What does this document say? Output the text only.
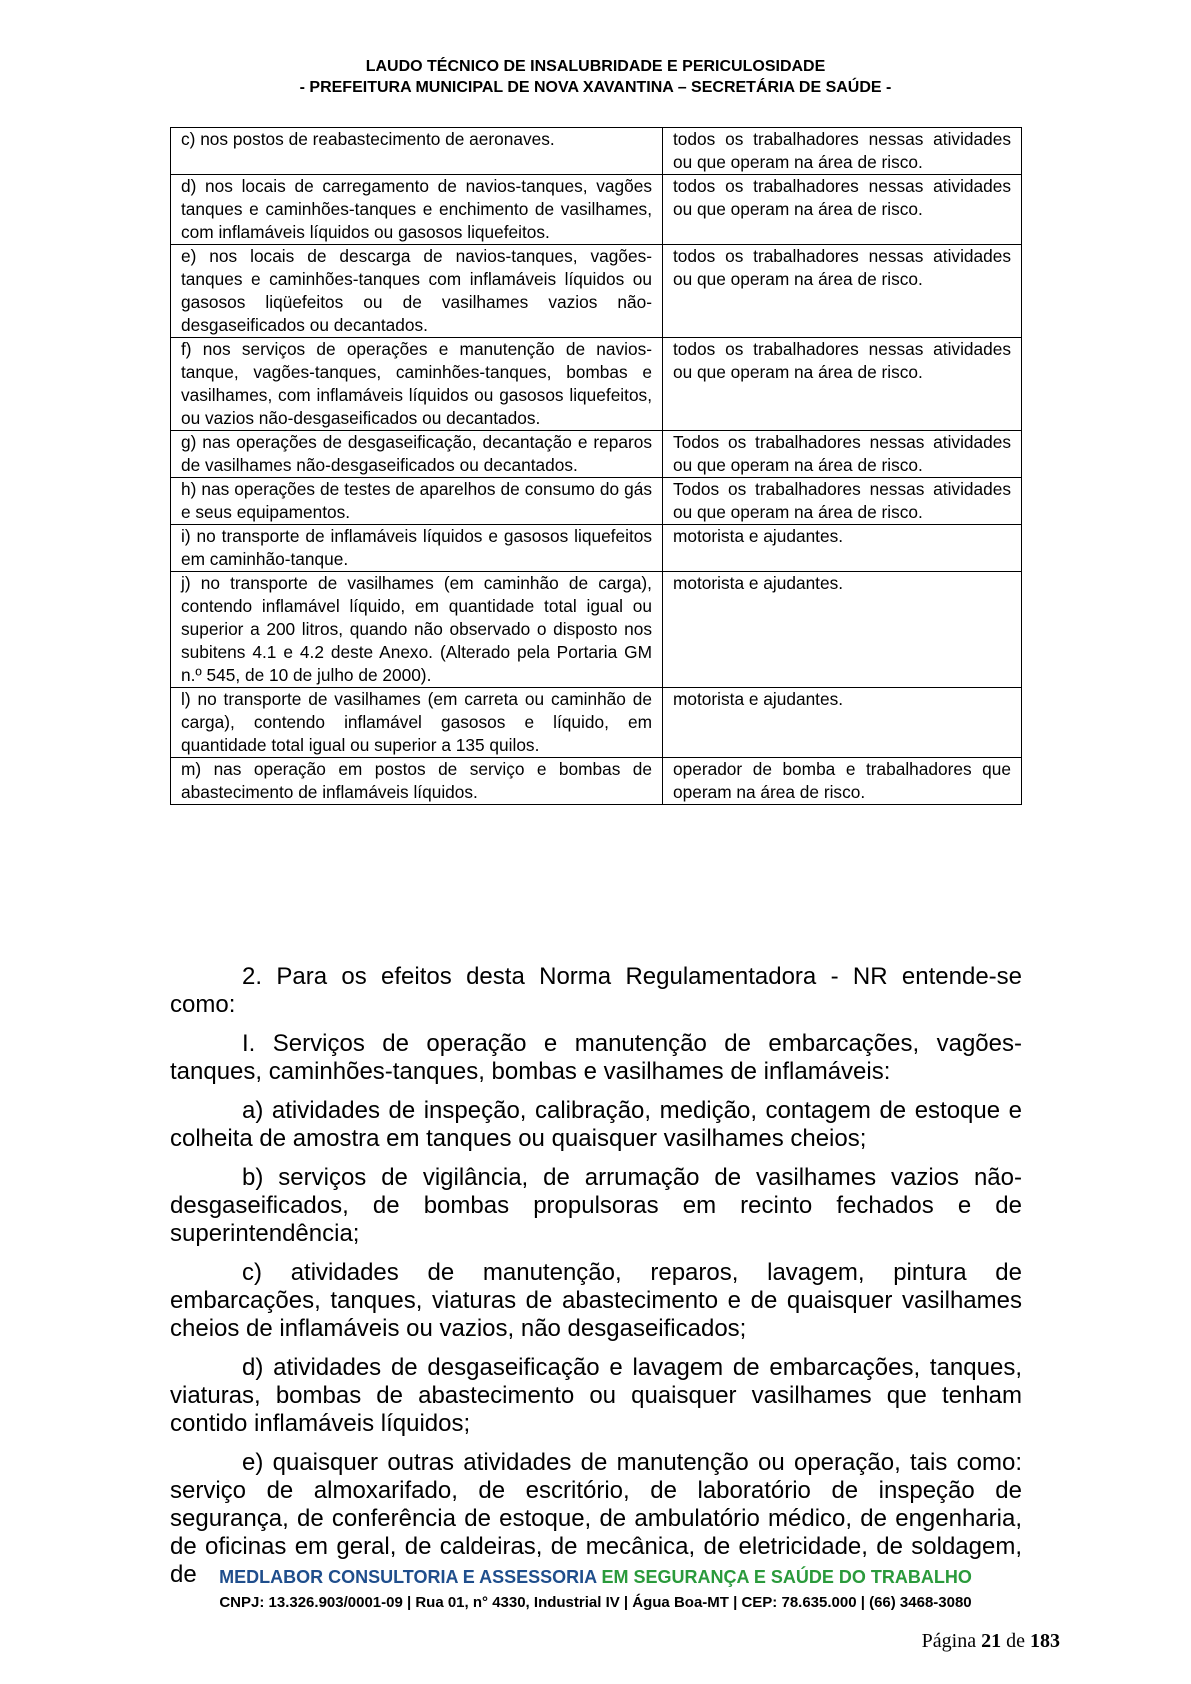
LAUDO TÉCNICO DE INSALUBRIDADE E PERICULOSIDADE
- PREFEITURA MUNICIPAL DE NOVA XAVANTINA – SECRETÁRIA DE SAÚDE -
c) nos postos de reabastecimento de aeronaves.	todos os trabalhadores nessas atividades ou que operam na área de risco.
d) nos locais de carregamento de navios-tanques, vagões tanques e caminhões-tanques e enchimento de vasilhames, com inflamáveis líquidos ou gasosos liquefeitos.	todos os trabalhadores nessas atividades ou que operam na área de risco.
e) nos locais de descarga de navios-tanques, vagões-tanques e caminhões-tanques com inflamáveis líquidos ou gasosos liqüefeitos ou de vasilhames vazios não-desgaseificados ou decantados.	todos os trabalhadores nessas atividades ou que operam na área de risco.
f) nos serviços de operações e manutenção de navios-tanque, vagões-tanques, caminhões-tanques, bombas e vasilhames, com inflamáveis líquidos ou gasosos liquefeitos, ou vazios não-desgaseificados ou decantados.	todos os trabalhadores nessas atividades ou que operam na área de risco.
g) nas operações de desgaseificação, decantação e reparos de vasilhames não-desgaseificados ou decantados.	Todos os trabalhadores nessas atividades ou que operam na área de risco.
h) nas operações de testes de aparelhos de consumo do gás e seus equipamentos.	Todos os trabalhadores nessas atividades ou que operam na área de risco.
i) no transporte de inflamáveis líquidos e gasosos liquefeitos em caminhão-tanque.	motorista e ajudantes.
j) no transporte de vasilhames (em caminhão de carga), contendo inflamável líquido, em quantidade total igual ou superior a 200 litros, quando não observado o disposto nos subitens 4.1 e 4.2 deste Anexo. (Alterado pela Portaria GM n.º 545, de 10 de julho de 2000).	motorista e ajudantes.
l) no transporte de vasilhames (em carreta ou caminhão de carga), contendo inflamável gasosos e líquido, em quantidade total igual ou superior a 135 quilos.	motorista e ajudantes.
m) nas operação em postos de serviço e bombas de abastecimento de inflamáveis líquidos.	operador de bomba e trabalhadores que operam na área de risco.

2. Para os efeitos desta Norma Regulamentadora - NR entende-se como:

I. Serviços de operação e manutenção de embarcações, vagões-tanques, caminhões-tanques, bombas e vasilhames de inflamáveis:

a) atividades de inspeção, calibração, medição, contagem de estoque e colheita de amostra em tanques ou quaisquer vasilhames cheios;

b) serviços de vigilância, de arrumação de vasilhames vazios não-desgaseificados, de bombas propulsoras em recinto fechados e de superintendência;

c) atividades de manutenção, reparos, lavagem, pintura de embarcações, tanques, viaturas de abastecimento e de quaisquer vasilhames cheios de inflamáveis ou vazios, não desgaseificados;

d) atividades de desgaseificação e lavagem de embarcações, tanques, viaturas, bombas de abastecimento ou quaisquer vasilhames que tenham contido inflamáveis líquidos;

e) quaisquer outras atividades de manutenção ou operação, tais como: serviço de almoxarifado, de escritório, de laboratório de inspeção de segurança, de conferência de estoque, de ambulatório médico, de engenharia, de oficinas em geral, de caldeiras, de mecânica, de eletricidade, de soldagem, de	MEDLABOR CONSULTORIA E ASSESSORIA EM SEGURANÇA E SAÚDE DO TRABALHO
CNPJ: 13.326.903/0001-09 | Rua 01, n° 4330, Industrial IV | Água Boa-MT | CEP: 78.635.000 | (66) 3468-3080
Página 21 de 183
